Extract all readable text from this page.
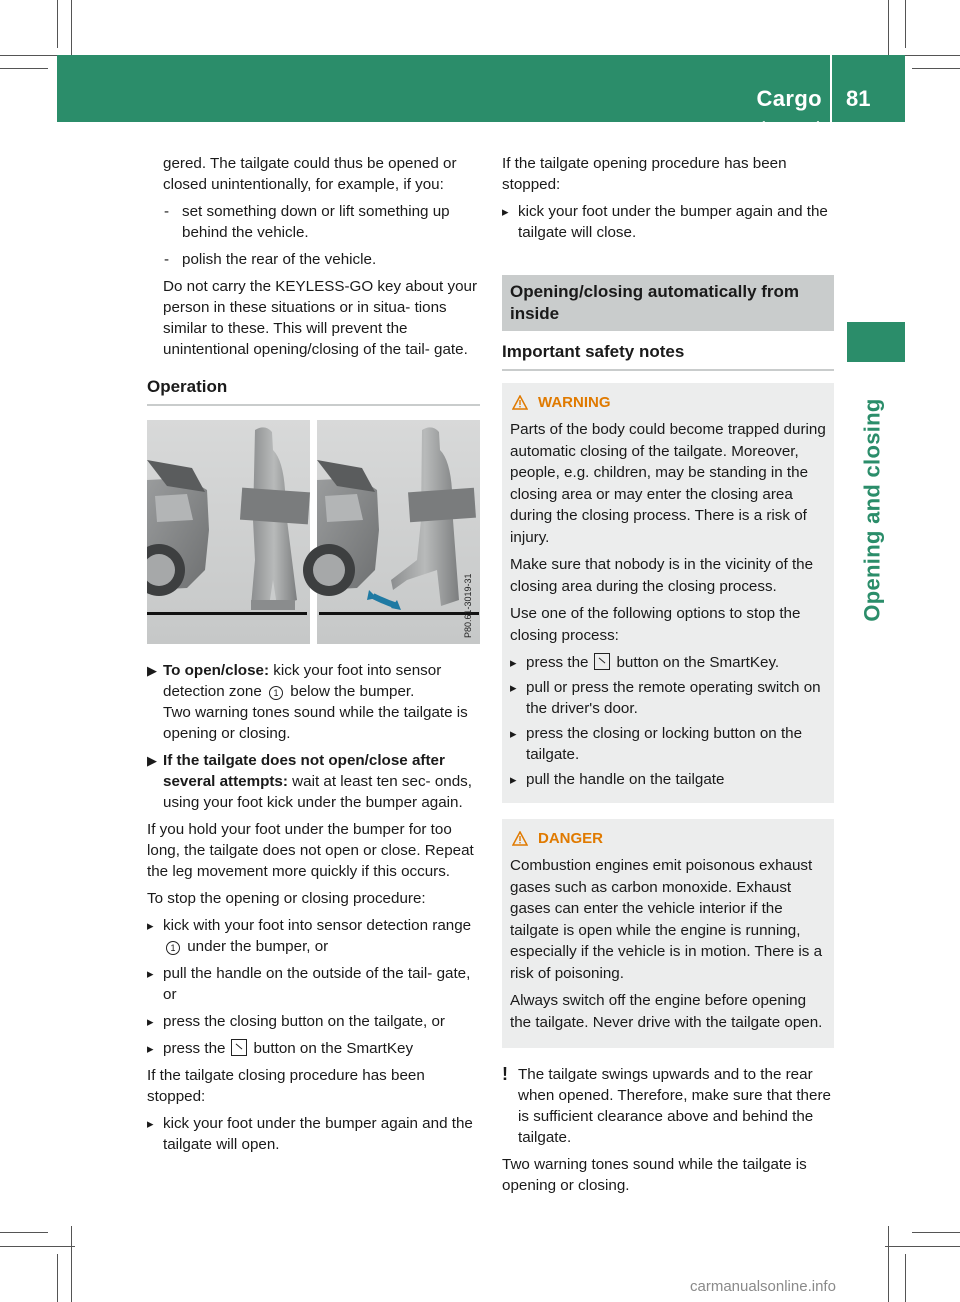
Cargo compartment
81
Opening and closing

gered. The tailgate could thus be opened or closed unintentionally, for example, if you:

- set something down or lift something up behind the vehicle.
- polish the rear of the vehicle.

Do not carry the KEYLESS-GO key about your person in these situations or in situa- tions similar to these. This will prevent the unintentional opening/closing of the tail- gate.

Operation
P80.61-3019-31
▶ To open/close: kick your foot into sensor detection zone 1 below the bumper.
Two warning tones sound while the tailgate is opening or closing.
▶ If the tailgate does not open/close after several attempts: wait at least ten sec- onds, using your foot kick under the bumper again.

If you hold your foot under the bumper for too long, the tailgate does not open or close. Repeat the leg movement more quickly if this occurs.

To stop the opening or closing procedure:

▸ kick with your foot into sensor detection range 1 under the bumper, or
▸ pull the handle on the outside of the tail- gate, or
▸ press the closing button on the tailgate, or
▸ press the button on the SmartKey

If the tailgate closing procedure has been stopped:

▸ kick your foot under the bumper again and the tailgate will open.

If the tailgate opening procedure has been stopped:

▸ kick your foot under the bumper again and the tailgate will close.
Opening/closing automatically from inside
Important safety notes
WARNING

Parts of the body could become trapped during automatic closing of the tailgate. Moreover, people, e.g. children, may be standing in the closing area or may enter the closing area during the closing process. There is a risk of injury.

Make sure that nobody is in the vicinity of the closing area during the closing process.

Use one of the following options to stop the closing process:

▸ press the button on the SmartKey.
▸ pull or press the remote operating switch on the driver's door.
▸ press the closing or locking button on the tailgate.
▸ pull the handle on the tailgate
DANGER

Combustion engines emit poisonous exhaust gases such as carbon monoxide. Exhaust gases can enter the vehicle interior if the tailgate is open while the engine is running, especially if the vehicle is in motion. There is a risk of poisoning.

Always switch off the engine before opening the tailgate. Never drive with the tailgate open.

! The tailgate swings upwards and to the rear when opened. Therefore, make sure that there is sufficient clearance above and behind the tailgate.

Two warning tones sound while the tailgate is opening or closing.

carmanualsonline.info
